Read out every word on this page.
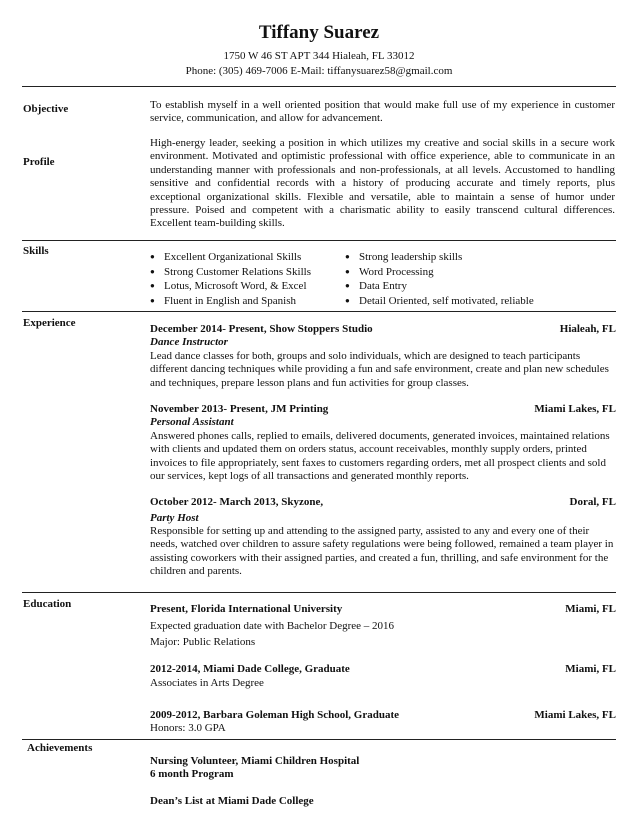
Tiffany Suarez
1750 W 46 ST APT 344 Hialeah, FL 33012
Phone: (305) 469-7006 E-Mail: tiffanysuarez58@gmail.com
Objective	To establish myself in a well oriented position that would make full use of my experience in customer service, communication, and allow for advancement.
Profile
High-energy leader, seeking a position in which utilizes my creative and social skills in a secure work environment. Motivated and optimistic professional with office experience, able to communicate in an understanding manner with professionals and non-professionals, at all levels. Accustomed to handling sensitive and confidential records with a history of producing accurate and timely reports, plus exceptional organizational skills. Flexible and versatile, able to maintain a sense of humor under pressure. Poised and competent with a charismatic ability to easily transcend cultural differences. Excellent team-building skills.
Skills	● Excellent Organizational Skills
● Strong Customer Relations Skills
● Lotus, Microsoft Word, & Excel
● Fluent in English and Spanish
● Strong leadership skills
● Word Processing
● Data Entry
● Detail Oriented, self motivated, reliable
Experience	December 2014- Present, Show Stoppers Studio	Hialeah, FL
Dance Instructor
Lead dance classes for both, groups and solo individuals, which are designed to teach participants different dancing techniques while providing a fun and safe environment, create and plan new schedules and techniques, prepare lesson plans and fun activities for group classes.
November 2013- Present, JM Printing	Miami Lakes, FL
Personal Assistant
Answered phones calls, replied to emails, delivered documents, generated invoices, maintained relations with clients and updated them on orders status, account receivables, monthly supply orders, printed invoices to file appropriately, sent faxes to customers regarding orders, met all prospect clients and sold our services, kept logs of all transactions and generated monthly reports.
October 2012- March 2013, Skyzone,	Doral, FL
Party Host
Responsible for setting up and attending to the assigned party, assisted to any and every one of their needs, watched over children to assure safety regulations were being followed, remained a team player in assisting coworkers with their assigned parties, and created a fun, thrilling, and safe environment for the children and parents.
Education	Present, Florida International University	Miami, FL
Expected graduation date with Bachelor Degree – 2016
Major: Public Relations
2012-2014, Miami Dade College, Graduate	Miami, FL
Associates in Arts Degree
2009-2012, Barbara Goleman High School, Graduate	Miami Lakes, FL
Honors: 3.0 GPA
Achievements
Nursing Volunteer, Miami Children Hospital
6 month Program
Dean’s List at Miami Dade College
